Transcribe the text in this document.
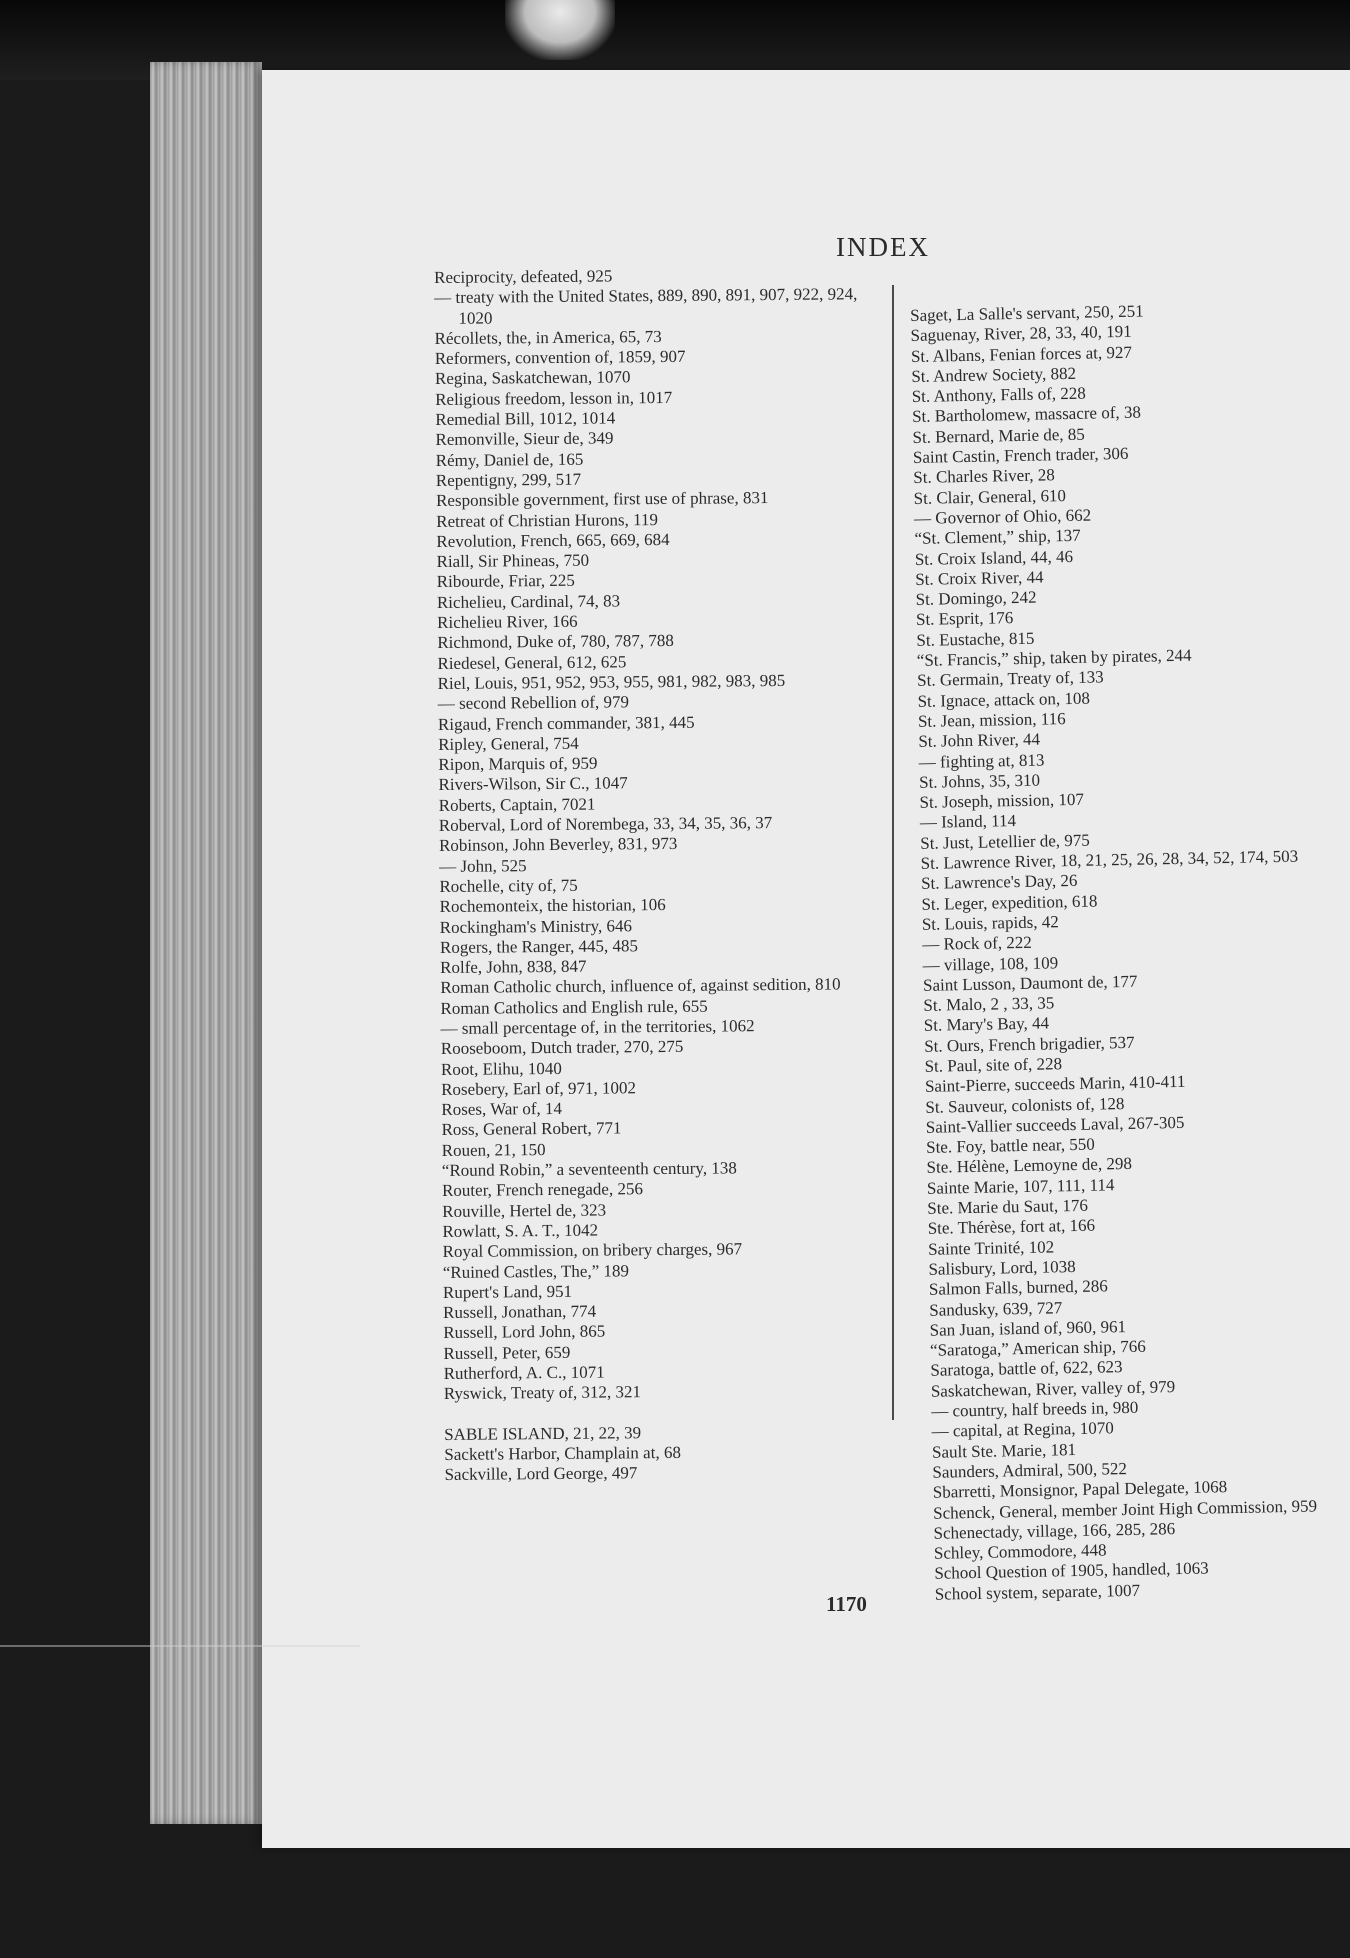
INDEX
Reciprocity, defeated, 925
— treaty with the United States, 889, 890, 891, 907, 922, 924, 1020
Récollets, the, in America, 65, 73
Reformers, convention of, 1859, 907
Regina, Saskatchewan, 1070
Religious freedom, lesson in, 1017
Remedial Bill, 1012, 1014
Remonville, Sieur de, 349
Rémy, Daniel de, 165
Repentigny, 299, 517
Responsible government, first use of phrase, 831
Retreat of Christian Hurons, 119
Revolution, French, 665, 669, 684
Riall, Sir Phineas, 750
Ribourde, Friar, 225
Richelieu, Cardinal, 74, 83
Richelieu River, 166
Richmond, Duke of, 780, 787, 788
Riedesel, General, 612, 625
Riel, Louis, 951, 952, 953, 955, 981, 982, 983, 985
— second Rebellion of, 979
Rigaud, French commander, 381, 445
Ripley, General, 754
Ripon, Marquis of, 959
Rivers-Wilson, Sir C., 1047
Roberts, Captain, 7021
Roberval, Lord of Norembega, 33, 34, 35, 36, 37
Robinson, John Beverley, 831, 973
— John, 525
Rochelle, city of, 75
Rochemonteix, the historian, 106
Rockingham's Ministry, 646
Rogers, the Ranger, 445, 485
Rolfe, John, 838, 847
Roman Catholic church, influence of, against sedition, 810
Roman Catholics and English rule, 655
— small percentage of, in the territories, 1062
Rooseboom, Dutch trader, 270, 275
Root, Elihu, 1040
Rosebery, Earl of, 971, 1002
Roses, War of, 14
Ross, General Robert, 771
Rouen, 21, 150
“Round Robin,” a seventeenth century, 138
Router, French renegade, 256
Rouville, Hertel de, 323
Rowlatt, S. A. T., 1042
Royal Commission, on bribery charges, 967
“Ruined Castles, The,” 189
Rupert's Land, 951
Russell, Jonathan, 774
Russell, Lord John, 865
Russell, Peter, 659
Rutherford, A. C., 1071
Ryswick, Treaty of, 312, 321
SABLE ISLAND, 21, 22, 39
Sackett's Harbor, Champlain at, 68
Sackville, Lord George, 497
Saget, La Salle's servant, 250, 251
Saguenay, River, 28, 33, 40, 191
St. Albans, Fenian forces at, 927
St. Andrew Society, 882
St. Anthony, Falls of, 228
St. Bartholomew, massacre of, 38
St. Bernard, Marie de, 85
Saint Castin, French trader, 306
St. Charles River, 28
St. Clair, General, 610
— Governor of Ohio, 662
“St. Clement,” ship, 137
St. Croix Island, 44, 46
St. Croix River, 44
St. Domingo, 242
St. Esprit, 176
St. Eustache, 815
“St. Francis,” ship, taken by pirates, 244
St. Germain, Treaty of, 133
St. Ignace, attack on, 108
St. Jean, mission, 116
St. John River, 44
— fighting at, 813
St. Johns, 35, 310
St. Joseph, mission, 107
— Island, 114
St. Just, Letellier de, 975
St. Lawrence River, 18, 21, 25, 26, 28, 34, 52, 174, 503
St. Lawrence's Day, 26
St. Leger, expedition, 618
St. Louis, rapids, 42
— Rock of, 222
— village, 108, 109
Saint Lusson, Daumont de, 177
St. Malo, 2 , 33, 35
St. Mary's Bay, 44
St. Ours, French brigadier, 537
St. Paul, site of, 228
Saint-Pierre, succeeds Marin, 410-411
St. Sauveur, colonists of, 128
Saint-Vallier succeeds Laval, 267-305
Ste. Foy, battle near, 550
Ste. Hélène, Lemoyne de, 298
Sainte Marie, 107, 111, 114
Ste. Marie du Saut, 176
Ste. Thérèse, fort at, 166
Sainte Trinité, 102
Salisbury, Lord, 1038
Salmon Falls, burned, 286
Sandusky, 639, 727
San Juan, island of, 960, 961
“Saratoga,” American ship, 766
Saratoga, battle of, 622, 623
Saskatchewan, River, valley of, 979
— country, half breeds in, 980
— capital, at Regina, 1070
Sault Ste. Marie, 181
Saunders, Admiral, 500, 522
Sbarretti, Monsignor, Papal Delegate, 1068
Schenck, General, member Joint High Commission, 959
Schenectady, village, 166, 285, 286
Schley, Commodore, 448
School Question of 1905, handled, 1063
School system, separate, 1007
1170
